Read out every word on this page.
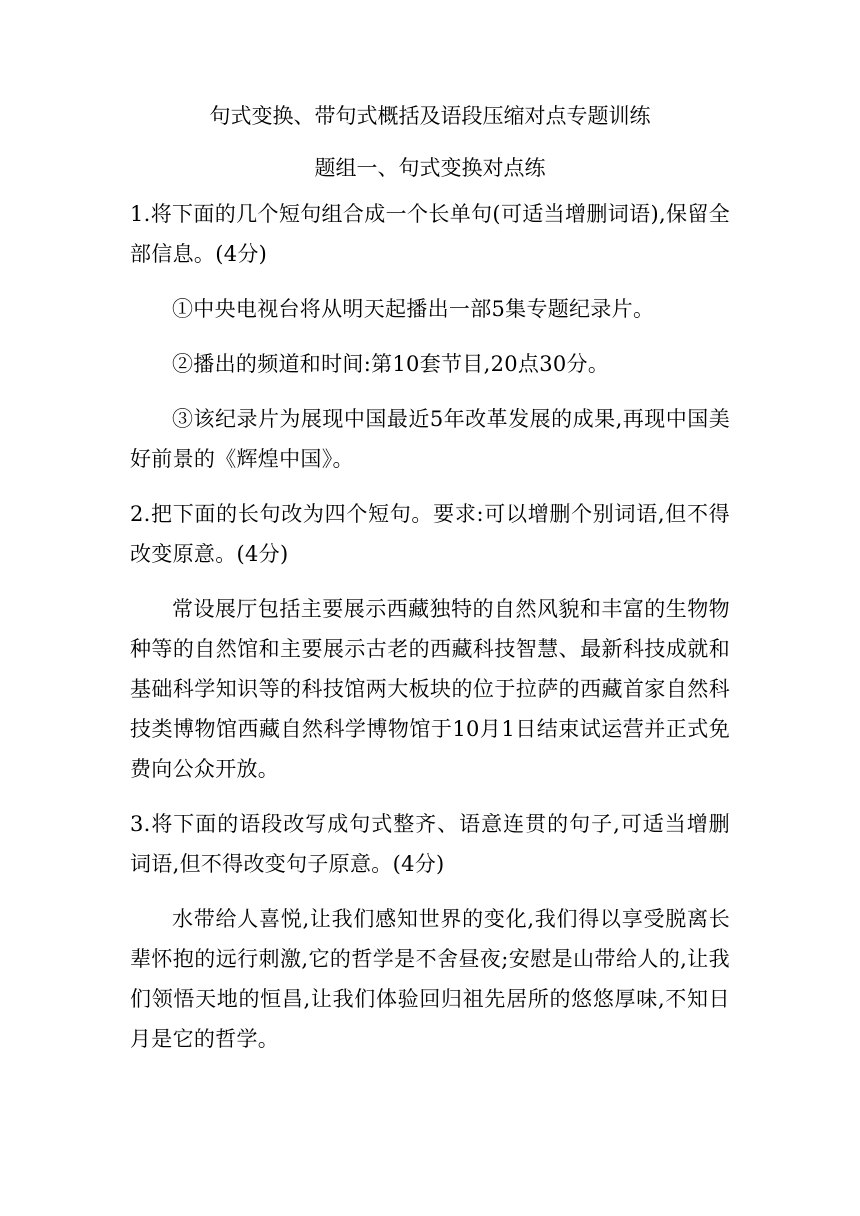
句式变换、带句式概括及语段压缩对点专题训练
题组一、句式变换对点练
1.将下面的几个短句组合成一个长单句(可适当增删词语),保留全部信息。(4分)
①中央电视台将从明天起播出一部5集专题纪录片。
②播出的频道和时间:第10套节目,20点30分。
③该纪录片为展现中国最近5年改革发展的成果,再现中国美好前景的《辉煌中国》。
2.把下面的长句改为四个短句。要求:可以增删个别词语,但不得改变原意。(4分)
常设展厅包括主要展示西藏独特的自然风貌和丰富的生物物种等的自然馆和主要展示古老的西藏科技智慧、最新科技成就和基础科学知识等的科技馆两大板块的位于拉萨的西藏首家自然科技类博物馆西藏自然科学博物馆于10月1日结束试运营并正式免费向公众开放。
3.将下面的语段改写成句式整齐、语意连贯的句子,可适当增删词语,但不得改变句子原意。(4分)
水带给人喜悦,让我们感知世界的变化,我们得以享受脱离长辈怀抱的远行刺激,它的哲学是不舍昼夜;安慰是山带给人的,让我们领悟天地的恒昌,让我们体验回归祖先居所的悠悠厚味,不知日月是它的哲学。
